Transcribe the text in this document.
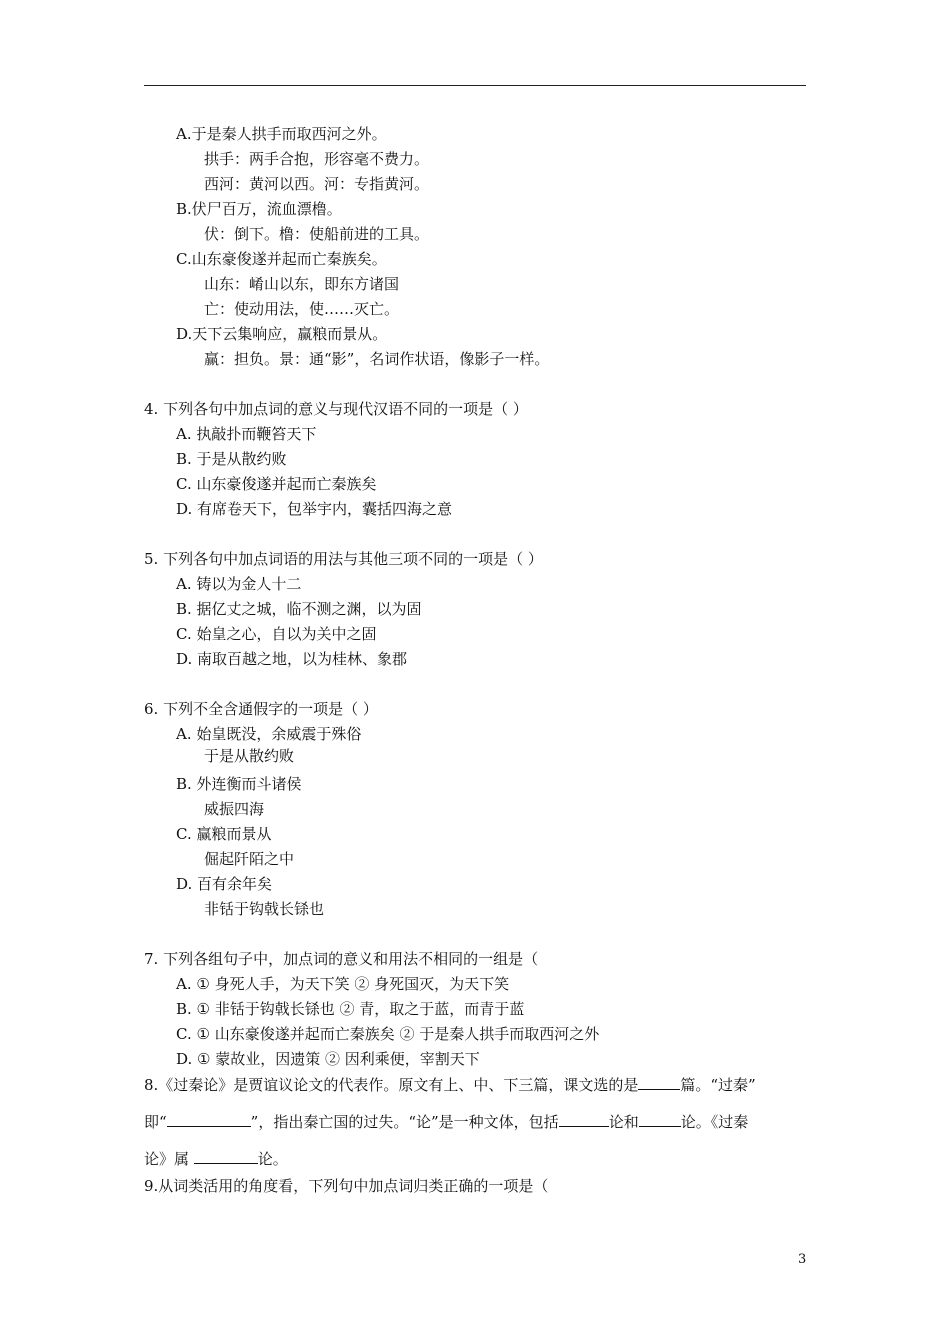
A.于是秦人拱手而取西河之外。
拱手：两手合抱，形容毫不费力。
西河：黄河以西。河：专指黄河。
B.伏尸百万，流血漂橹。
伏：倒下。橹：使船前进的工具。
C.山东豪俊遂并起而亡秦族矣。
山东：崤山以东，即东方诸国
亡：使动用法，使……灭亡。
D.天下云集响应，赢粮而景从。
赢：担负。景：通“影”，名词作状语，像影子一样。
4. 下列各句中加点词的意义与现代汉语不同的一项是（ ）
A. 执敲扑而鞭笞天下
B. 于是从散约败
C. 山东豪俊遂并起而亡秦族矣
D. 有席卷天下，包举宇内，囊括四海之意
5. 下列各句中加点词语的用法与其他三项不同的一项是（ ）
A. 铸以为金人十二
B. 据亿丈之城，临不测之渊，以为固
C. 始皇之心，自以为关中之固
D. 南取百越之地，以为桂林、象郡
6. 下列不全含通假字的一项是（ ）
A. 始皇既没，余威震于殊俗
于是从散约败
B. 外连衡而斗诸侯
威振四海
C. 赢粮而景从
倔起阡陌之中
D. 百有余年矣
非铦于钩戟长铩也
7. 下列各组句子中，加点词的意义和用法不相同的一组是（
A. ① 身死人手，为天下笑 ② 身死国灭，为天下笑
B. ① 非铦于钩戟长铩也 ② 青，取之于蓝，而青于蓝
C. ① 山东豪俊遂并起而亡秦族矣 ② 于是秦人拱手而取西河之外
D. ① 蒙故业，因遗策 ② 因利乘便，宰割天下
8.《过秦论》是贾谊议论文的代表作。原文有上、中、下三篇，课文选的是	篇。“过秦”
即“	”，指出秦亡国的过失。“论”是一种文体，包括	论和	论。《过秦
论》属	论。
9.从词类活用的角度看，下列句中加点词归类正确的一项是（
3
